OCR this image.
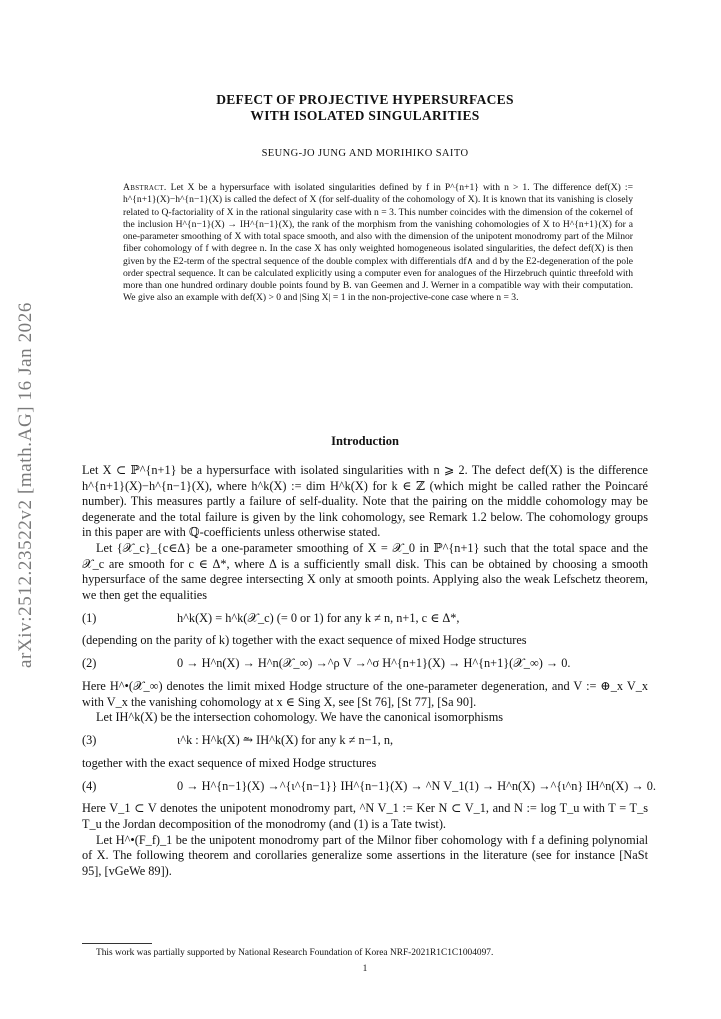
arXiv:2512.23522v2 [math.AG] 16 Jan 2026
DEFECT OF PROJECTIVE HYPERSURFACES
WITH ISOLATED SINGULARITIES
SEUNG-JO JUNG AND MORIHIKO SAITO

Abstract. Let X be a hypersurface with isolated singularities defined by f in P^{n+1} with n > 1. The difference def(X) := h^{n+1}(X)−h^{n−1}(X) is called the defect of X (for self-duality of the cohomology of X). It is known that its vanishing is closely related to Q-factoriality of X in the rational singularity case with n = 3. This number coincides with the dimension of the cokernel of the inclusion H^{n−1}(X) → IH^{n−1}(X), the rank of the morphism from the vanishing cohomologies of X to H^{n+1}(X) for a one-parameter smoothing of X with total space smooth, and also with the dimension of the unipotent monodromy part of the Milnor fiber cohomology of f with degree n. In the case X has only weighted homogeneous isolated singularities, the defect def(X) is then given by the E2-term of the spectral sequence of the double complex with differentials df∧ and d by the E2-degeneration of the pole order spectral sequence. It can be calculated explicitly using a computer even for analogues of the Hirzebruch quintic threefold with more than one hundred ordinary double points found by B. van Geemen and J. Werner in a compatible way with their computation. We give also an example with def(X) > 0 and |Sing X| = 1 in the non-projective-cone case where n = 3.

Introduction

Let X ⊂ ℙ^{n+1} be a hypersurface with isolated singularities with n ⩾ 2. The defect def(X) is the difference h^{n+1}(X)−h^{n−1}(X), where h^k(X) := dim H^k(X) for k ∈ ℤ (which might be called rather the Poincaré number). This measures partly a failure of self-duality. Note that the pairing on the middle cohomology may be degenerate and the total failure is given by the link cohomology, see Remark 1.2 below. The cohomology groups in this paper are with ℚ-coefficients unless otherwise stated.

Let {𝒳_c}_{c∈Δ} be a one-parameter smoothing of X = 𝒳_0 in ℙ^{n+1} such that the total space and the 𝒳_c are smooth for c ∈ Δ*, where Δ is a sufficiently small disk. This can be obtained by choosing a smooth hypersurface of the same degree intersecting X only at smooth points. Applying also the weak Lefschetz theorem, we then get the equalities

(1)	h^k(X) = h^k(𝒳_c) (= 0 or 1) for any k ≠ n, n+1, c ∈ Δ*,

(depending on the parity of k) together with the exact sequence of mixed Hodge structures

(2)	0 → H^n(X) → H^n(𝒳_∞) →^ρ V →^σ H^{n+1}(X) → H^{n+1}(𝒳_∞) → 0.

Here H^•(𝒳_∞) denotes the limit mixed Hodge structure of the one-parameter degeneration, and V := ⊕_x V_x with V_x the vanishing cohomology at x ∈ Sing X, see [St 76], [St 77], [Sa 90].

Let IH^k(X) be the intersection cohomology. We have the canonical isomorphisms

(3)	ι^k : H^k(X) ⥲ IH^k(X) for any k ≠ n−1, n,

together with the exact sequence of mixed Hodge structures

(4)	0 → H^{n−1}(X) →^{ι^{n−1}} IH^{n−1}(X) → ^N V_1(1) → H^n(X) →^{ι^n} IH^n(X) → 0.

Here V_1 ⊂ V denotes the unipotent monodromy part, ^N V_1 := Ker N ⊂ V_1, and N := log T_u with T = T_s T_u the Jordan decomposition of the monodromy (and (1) is a Tate twist).

Let H^•(F_f)_1 be the unipotent monodromy part of the Milnor fiber cohomology with f a defining polynomial of X. The following theorem and corollaries generalize some assertions in the literature (see for instance [NaSt 95], [vGeWe 89]).

This work was partially supported by National Research Foundation of Korea NRF-2021R1C1C1004097.
1
